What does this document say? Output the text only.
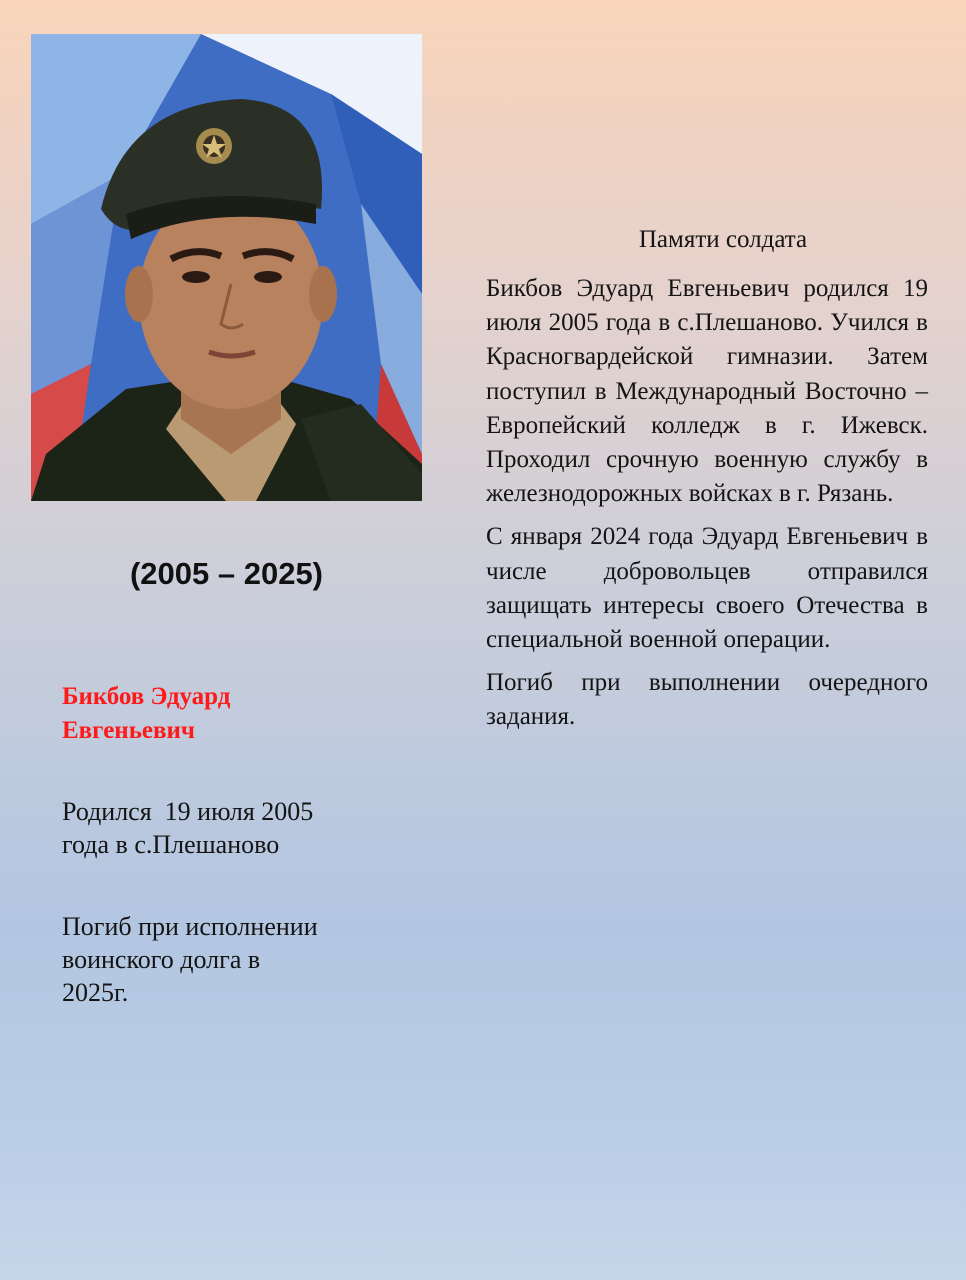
(2005 – 2025)
Бикбов Эдуард
Евгеньевич
Родился  19 июля 2005
года в с.Плешаново
Погиб при исполнении
воинского долга в
2025г.
Памяти солдата

Бикбов Эдуард Евгеньевич родился 19 июля 2005 года в с.Плешаново. Учился в Красногвардейской гимназии. Затем поступил в Международный Восточно – Европейский колледж в г. Ижевск. Проходил срочную военную службу в железнодорожных войсках в г. Рязань.

С января 2024 года Эдуард Евгеньевич в числе добровольцев отправился защищать интересы своего Отечества в специальной военной операции.

Погиб при выполнении очередного задания.
